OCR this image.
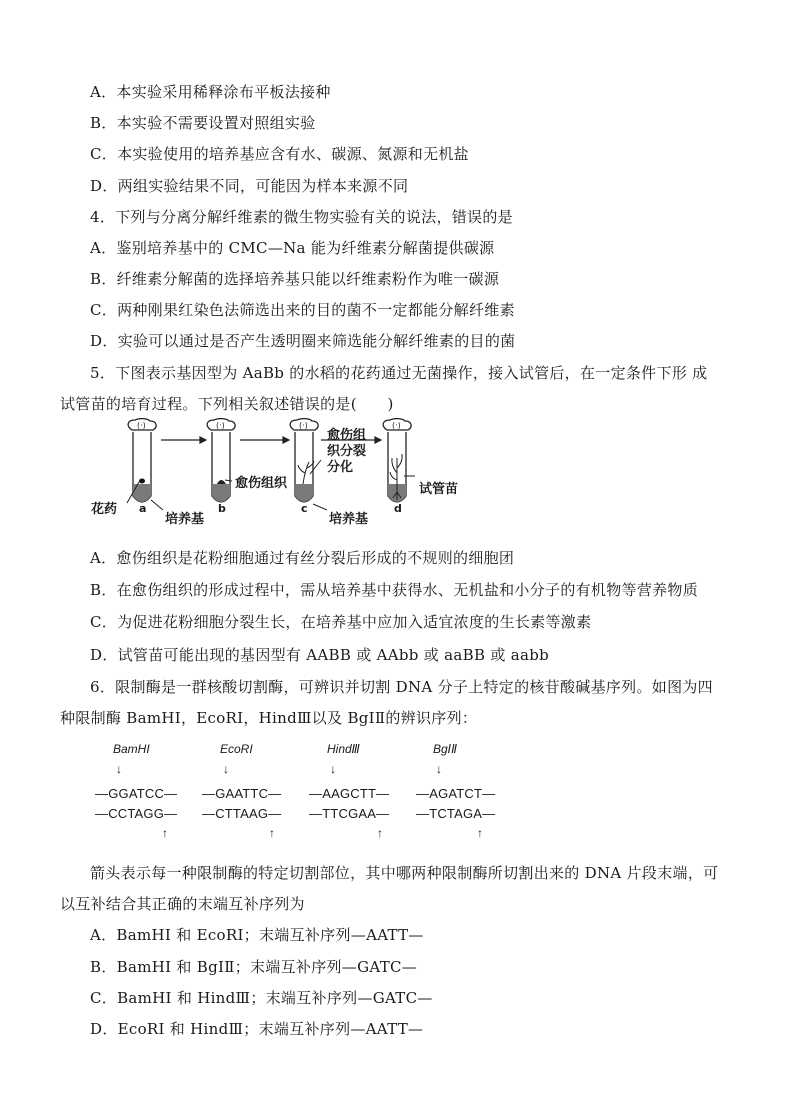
A．本实验采用稀释涂布平板法接种
B．本实验不需要设置对照组实验
C．本实验使用的培养基应含有水、碳源、氮源和无机盐
D．两组实验结果不同，可能因为样本来源不同
4．下列与分离分解纤维素的微生物实验有关的说法，错误的是
A．鉴别培养基中的 CMC—Na 能为纤维素分解菌提供碳源
B．纤维素分解菌的选择培养基只能以纤维素粉作为唯一碳源
C．两种刚果红染色法筛选出来的目的菌不一定都能分解纤维素
D．实验可以通过是否产生透明圈来筛选能分解纤维素的目的菌
5．下图表示基因型为 AaBb 的水稻的花药通过无菌操作，接入试管后，在一定条件下形 成
试管苗的培育过程。下列相关叙述错误的是(　　)
(·)	(·)	(·)	(·)
花药
培养基
愈伤组织
愈伤组
织分裂
分化
培养基
试管苗
a	b	c	d
A．愈伤组织是花粉细胞通过有丝分裂后形成的不规则的细胞团
B．在愈伤组织的形成过程中，需从培养基中获得水、无机盐和小分子的有机物等营养物质
C．为促进花粉细胞分裂生长，在培养基中应加入适宜浓度的生长素等激素
D．试管苗可能出现的基因型有 AABB 或 AAbb 或 aaBB 或 aabb
6．限制酶是一群核酸切割酶，可辨识并切割 DNA 分子上特定的核苷酸碱基序列。如图为四
种限制酶 BamHI，EcoRI，HindⅢ以及 BgⅠⅡ的辨识序列：
BamHI	EcoRI	HindⅢ	BgⅠⅡ
↓	↓	↓	↓
—GGATCC— —GAATTC— —AAGCTT— —AGATCT—
—CCTAGG— —CTTAAG— —TTCGAA— —TCTAGA—
↑	↑	↑	↑
箭头表示每一种限制酶的特定切割部位，其中哪两种限制酶所切割出来的 DNA 片段末端，可
以互补结合其正确的末端互补序列为
A．BamHI 和 EcoRI；末端互补序列—AATT—
B．BamHI 和 BgⅠⅡ；末端互补序列—GATC—
C．BamHI 和 HindⅢ；末端互补序列—GATC—
D．EcoRI 和 HindⅢ；末端互补序列—AATT—
